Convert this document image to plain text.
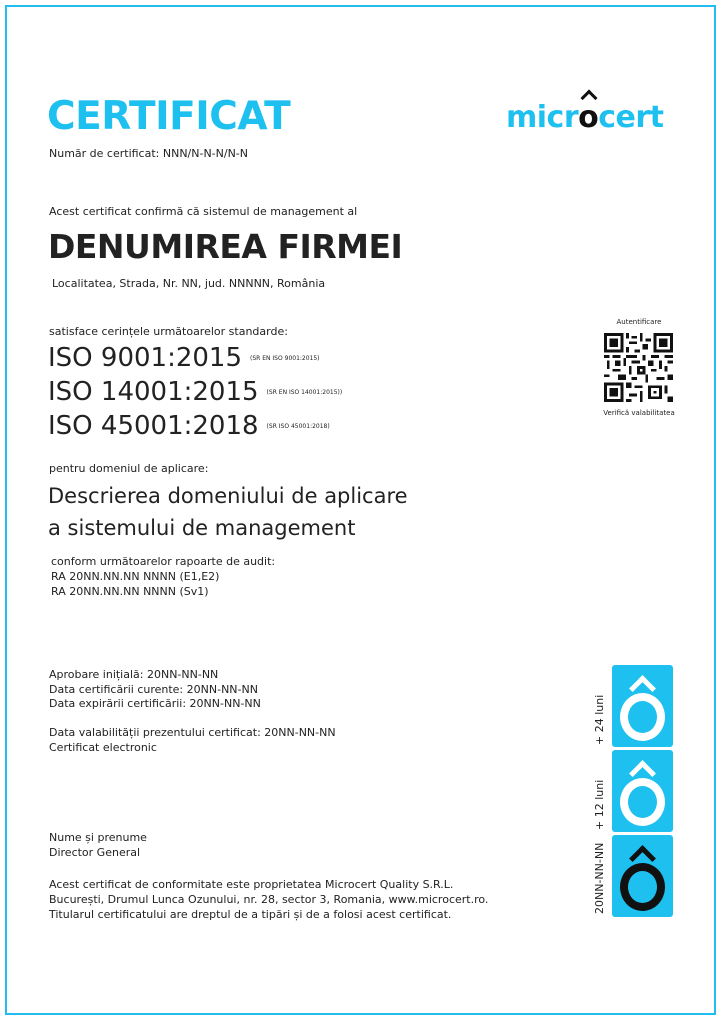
CERTIFICAT
Număr de certificat: NNN/N-N-N/N-N
microcert
Acest certificat confirmă că sistemul de management al
DENUMIREA FIRMEI
Localitatea, Strada, Nr. NN, jud. NNNNN, România
satisface cerințele următoarelor standarde:
ISO 9001:2015 (SR EN ISO 9001:2015)
ISO 14001:2015 (SR EN ISO 14001:2015))
ISO 45001:2018 (SR ISO 45001:2018)
Autentificare
Verifică valabilitatea
pentru domeniul de aplicare:
Descrierea domeniului de aplicare
a sistemului de management
conform următoarelor rapoarte de audit:
RA 20NN.NN.NN NNNN (E1,E2)
RA 20NN.NN.NN NNNN (Sv1)
Aprobare inițială: 20NN-NN-NN
Data certificării curente: 20NN-NN-NN
Data expirării certificării: 20NN-NN-NN
Data valabilității prezentului certificat: 20NN-NN-NN
Certificat electronic
Nume și prenume
Director General
Acest certificat de conformitate este proprietatea Microcert Quality S.R.L.
București, Drumul Lunca Ozunului, nr. 28, sector 3, Romania, www.microcert.ro.
Titularul certificatului are dreptul de a tipări și de a folosi acest certificat.
+ 24 luni
+ 12 luni
20NN-NN-NN
